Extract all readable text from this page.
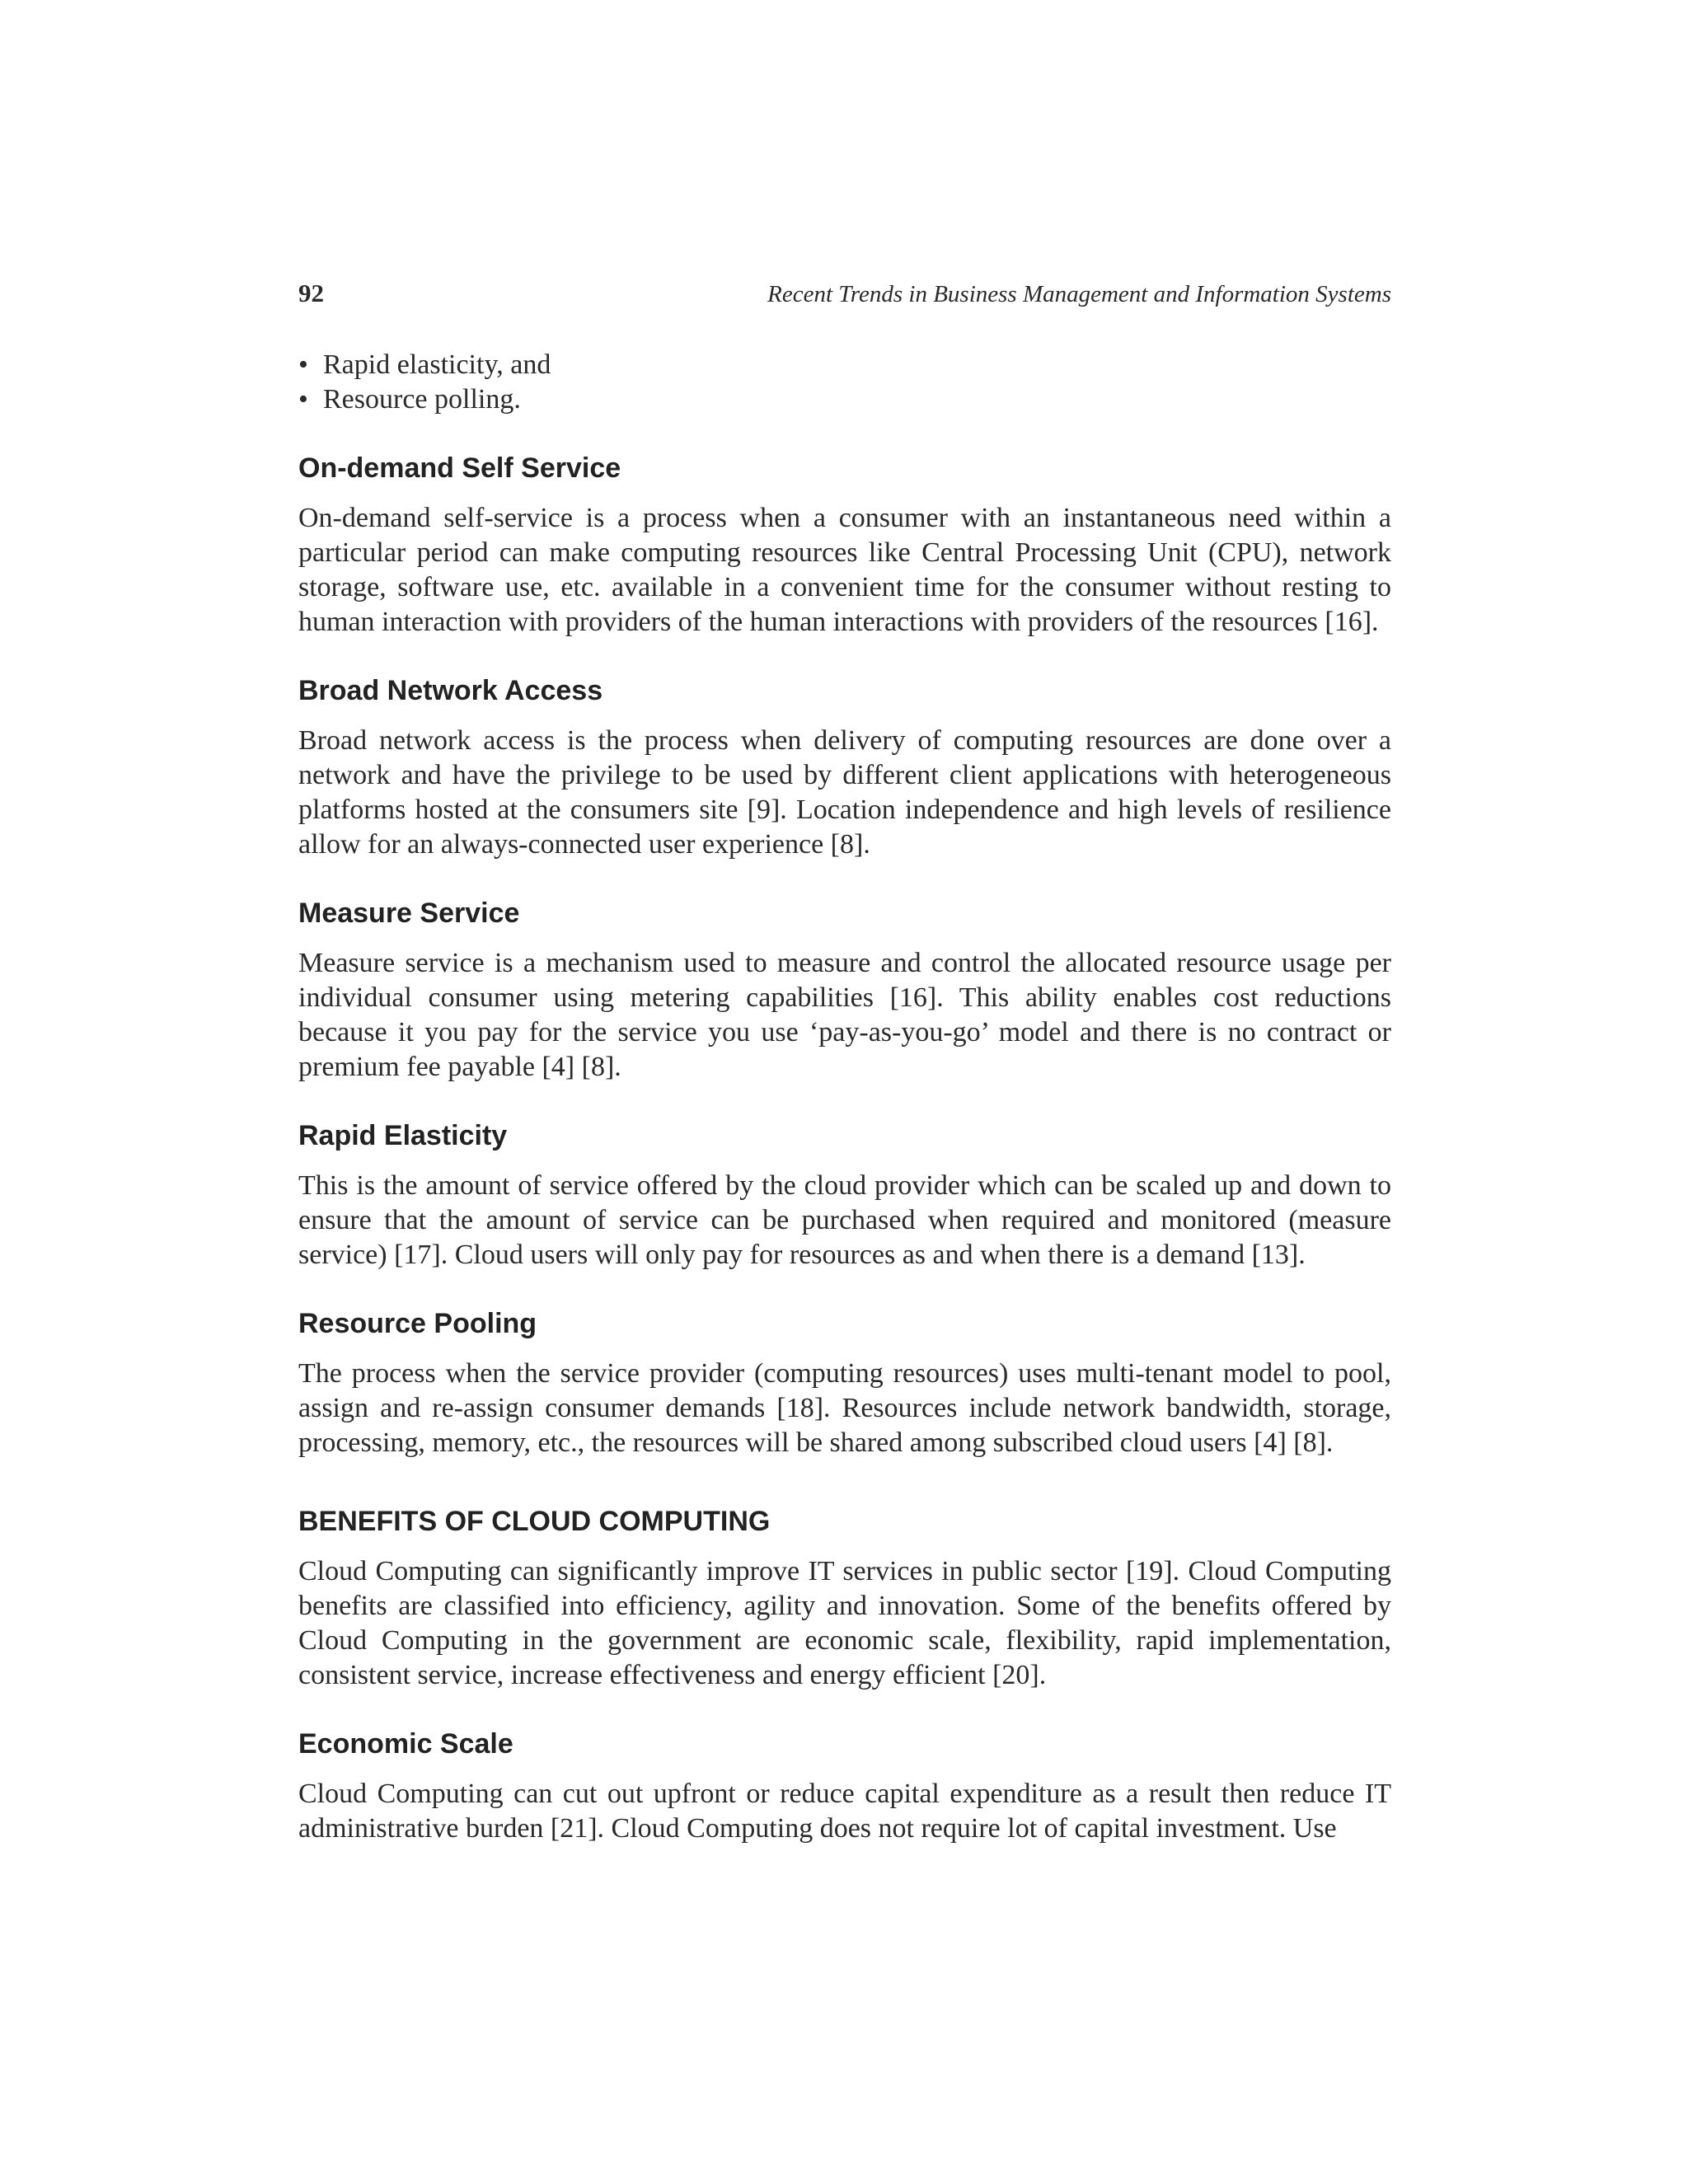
92	Recent Trends in Business Management and Information Systems
• Rapid elasticity, and
• Resource polling.
On-demand Self Service

On-demand self-service is a process when a consumer with an instantaneous need within a particular period can make computing resources like Central Processing Unit (CPU), network storage, software use, etc. available in a convenient time for the consumer without resting to human interaction with providers of the human interactions with providers of the resources [16].

Broad Network Access

Broad network access is the process when delivery of computing resources are done over a network and have the privilege to be used by different client applications with heterogeneous platforms hosted at the consumers site [9]. Location independence and high levels of resilience allow for an always-connected user experience [8].

Measure Service

Measure service is a mechanism used to measure and control the allocated resource usage per individual consumer using metering capabilities [16]. This ability enables cost reductions because it you pay for the service you use ‘pay-as-you-go’ model and there is no contract or premium fee payable [4] [8].

Rapid Elasticity

This is the amount of service offered by the cloud provider which can be scaled up and down to ensure that the amount of service can be purchased when required and monitored (measure service) [17]. Cloud users will only pay for resources as and when there is a demand [13].

Resource Pooling

The process when the service provider (computing resources) uses multi-tenant model to pool, assign and re-assign consumer demands [18]. Resources include network bandwidth, storage, processing, memory, etc., the resources will be shared among subscribed cloud users [4] [8].

BENEFITS OF CLOUD COMPUTING

Cloud Computing can significantly improve IT services in public sector [19]. Cloud Computing benefits are classified into efficiency, agility and innovation. Some of the benefits offered by Cloud Computing in the government are economic scale, flexibility, rapid implementation, consistent service, increase effectiveness and energy efficient [20].

Economic Scale

Cloud Computing can cut out upfront or reduce capital expenditure as a result then reduce IT administrative burden [21]. Cloud Computing does not require lot of capital investment. Use
